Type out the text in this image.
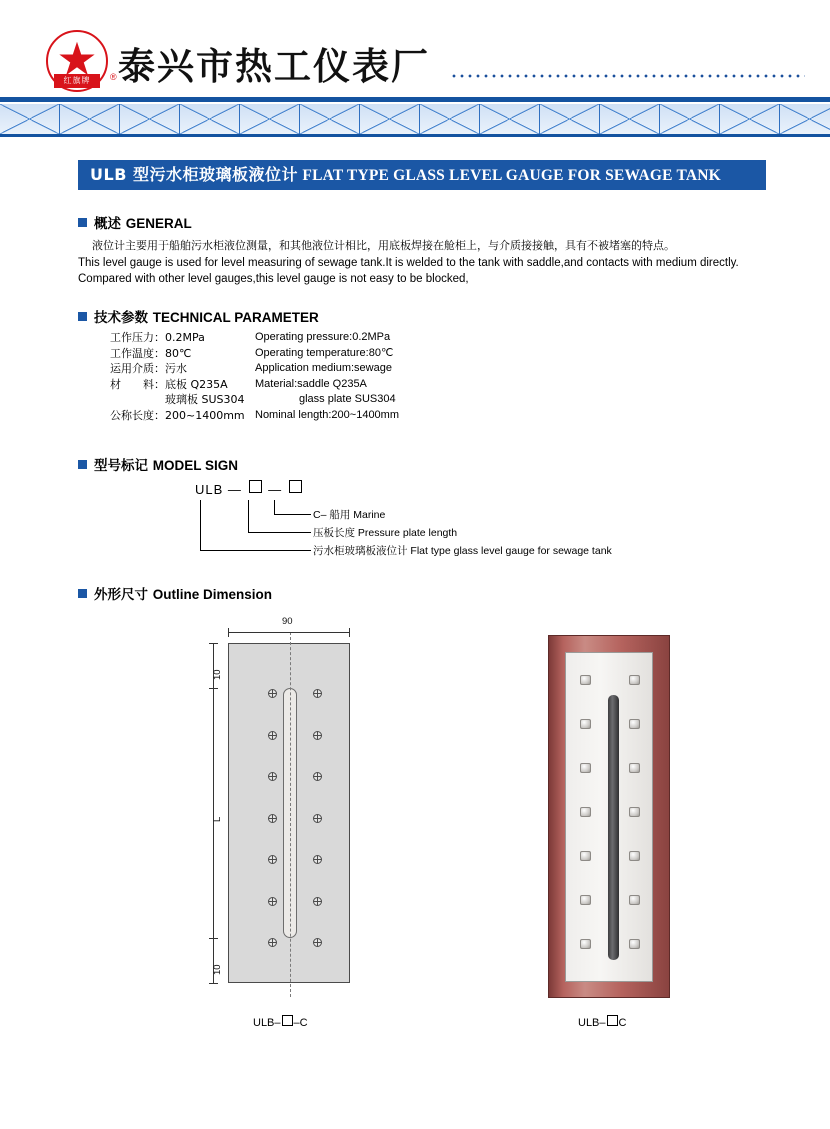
★
红旗牌	® 泰兴市热工仪表厂
ULB 型污水柜玻璃板液位计 FLAT TYPE GLASS LEVEL GAUGE FOR SEWAGE TANK
概述 GENERAL
液位计主要用于船舶污水柜液位测量，和其他液位计相比，用底板焊接在舱柜上，与介质接接触，具有不被堵塞的特点。
This level gauge is used for level measuring of sewage tank.It is welded to the tank with saddle,and contacts with medium directly.
Compared with other level gauges,this level gauge is not easy to be blocked,
技术参数 TECHNICAL PARAMETER
工作压力：0.2MPa	Operating pressure:0.2MPa
工作温度：80℃	Operating temperature:80℃
运用介质：污水	Application medium:sewage
材　　料：底板 Q235A	Material:saddle Q235A
　　　　　玻璃板 SUS304 　　　　glass plate SUS304
公称长度：200~1400mm Nominal length:200~1400mm
型号标记 MODEL SIGN
ULB — —
C– 船用 Marine
压板长度 Pressure plate length
污水柜玻璃板液位计 Flat type glass level gauge for sewage tank
外形尺寸 Outline Dimension
90
10
L
10
ULB– –C	ULB– C
